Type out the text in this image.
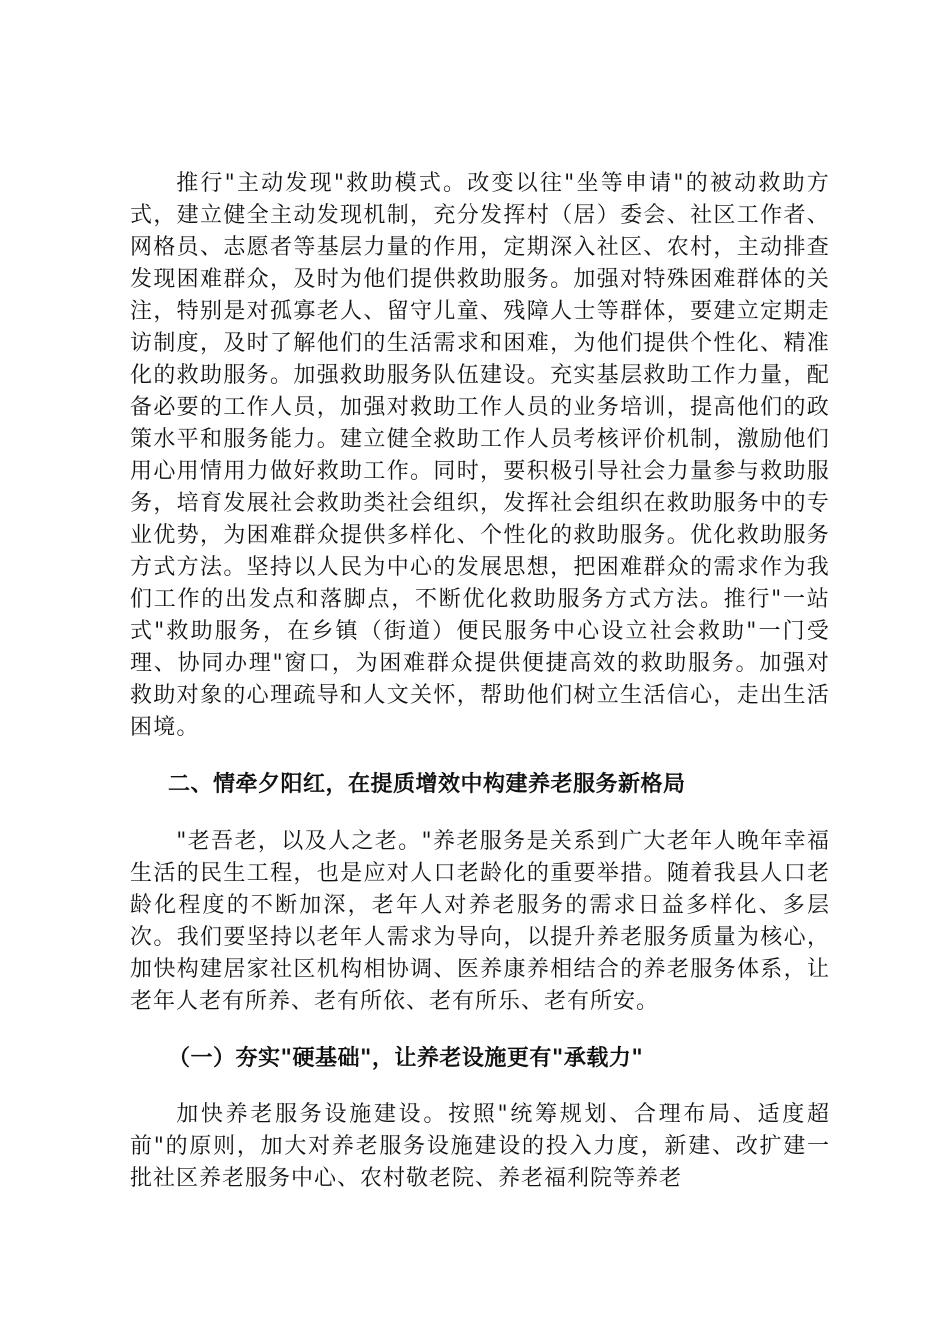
推行"主动发现"救助模式。改变以往"坐等申请"的被动救助方式，建立健全主动发现机制，充分发挥村（居）委会、社区工作者、网格员、志愿者等基层力量的作用，定期深入社区、农村，主动排查发现困难群众，及时为他们提供救助服务。加强对特殊困难群体的关注，特别是对孤寡老人、留守儿童、残障人士等群体，要建立定期走访制度，及时了解他们的生活需求和困难，为他们提供个性化、精准化的救助服务。加强救助服务队伍建设。充实基层救助工作力量，配备必要的工作人员，加强对救助工作人员的业务培训，提高他们的政策水平和服务能力。建立健全救助工作人员考核评价机制，激励他们用心用情用力做好救助工作。同时，要积极引导社会力量参与救助服务，培育发展社会救助类社会组织，发挥社会组织在救助服务中的专业优势，为困难群众提供多样化、个性化的救助服务。优化救助服务方式方法。坚持以人民为中心的发展思想，把困难群众的需求作为我们工作的出发点和落脚点，不断优化救助服务方式方法。推行"一站式"救助服务，在乡镇（街道）便民服务中心设立社会救助"一门受理、协同办理"窗口，为困难群众提供便捷高效的救助服务。加强对救助对象的心理疏导和人文关怀，帮助他们树立生活信心，走出生活困境。

二、情牵夕阳红，在提质增效中构建养老服务新格局

"老吾老，以及人之老。"养老服务是关系到广大老年人晚年幸福生活的民生工程，也是应对人口老龄化的重要举措。随着我县人口老龄化程度的不断加深，老年人对养老服务的需求日益多样化、多层次。我们要坚持以老年人需求为导向，以提升养老服务质量为核心，加快构建居家社区机构相协调、医养康养相结合的养老服务体系，让老年人老有所养、老有所依、老有所乐、老有所安。

（一）夯实"硬基础"，让养老设施更有"承载力"

加快养老服务设施建设。按照"统筹规划、合理布局、适度超前"的原则，加大对养老服务设施建设的投入力度，新建、改扩建一批社区养老服务中心、农村敬老院、养老福利院等养老
